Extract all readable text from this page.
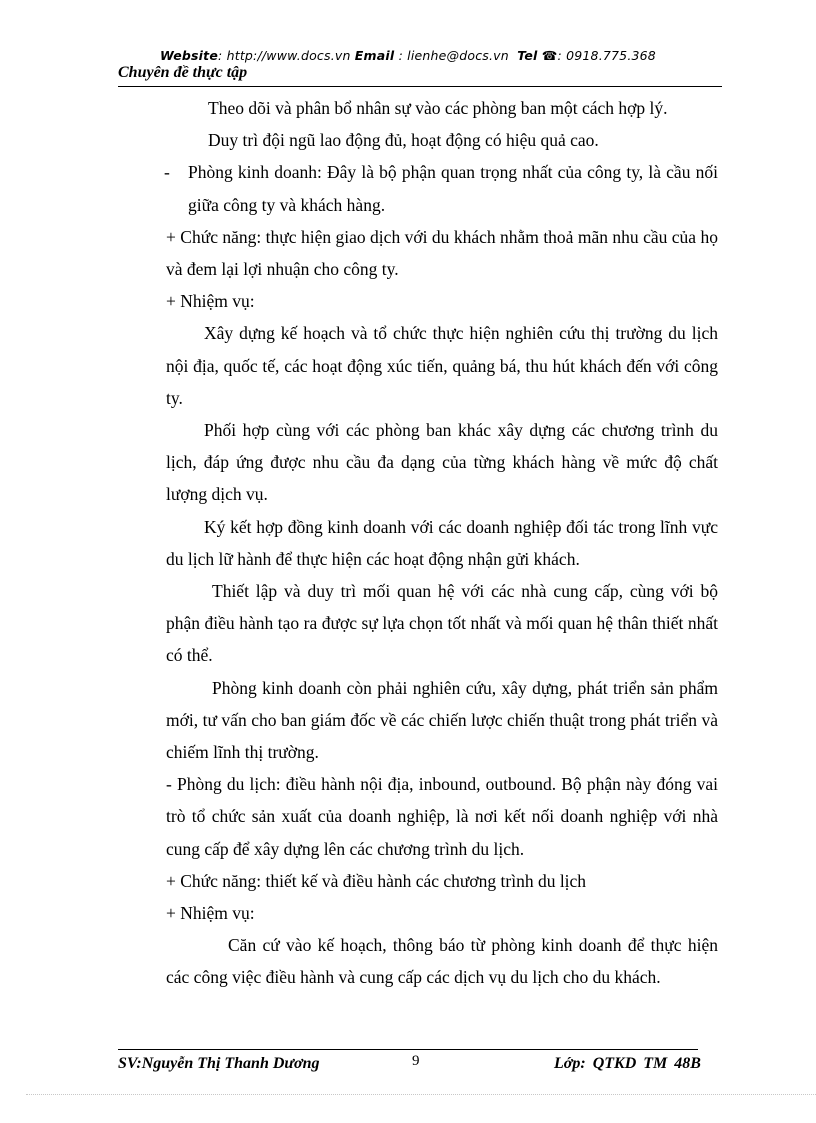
Website: http://www.docs.vn Email : lienhe@docs.vn Tel ☎: 0918.775.368
Chuyên đề thực tập

Theo dõi và phân bổ nhân sự vào các phòng ban một cách hợp lý.

Duy trì đội ngũ lao động đủ, hoạt động có hiệu quả cao.

- Phòng kinh doanh: Đây là bộ phận quan trọng nhất của công ty, là cầu nối giữa công ty và khách hàng.

+ Chức năng: thực hiện giao dịch với du khách nhằm thoả mãn nhu cầu của họ và đem lại lợi nhuận cho công ty.

+ Nhiệm vụ:

Xây dựng kế hoạch và tổ chức thực hiện nghiên cứu thị trường du lịch nội địa, quốc tế, các hoạt động xúc tiến, quảng bá, thu hút khách đến với công ty.

Phối hợp cùng với các phòng ban khác xây dựng các chương trình du lịch, đáp ứng được nhu cầu đa dạng của từng khách hàng về mức độ chất lượng dịch vụ.

Ký kết hợp đồng kinh doanh với các doanh nghiệp đối tác trong lĩnh vực du lịch lữ hành để thực hiện các hoạt động nhận gửi khách.

Thiết lập và duy trì mối quan hệ với các nhà cung cấp, cùng với bộ phận điều hành tạo ra được sự lựa chọn tốt nhất và mối quan hệ thân thiết nhất có thể.

Phòng kinh doanh còn phải nghiên cứu, xây dựng, phát triển sản phẩm mới, tư vấn cho ban giám đốc về các chiến lược chiến thuật trong phát triển và chiếm lĩnh thị trường.

- Phòng du lịch: điều hành nội địa, inbound, outbound. Bộ phận này đóng vai trò tổ chức sản xuất của doanh nghiệp, là nơi kết nối doanh nghiệp với nhà cung cấp để xây dựng lên các chương trình du lịch.

+ Chức năng: thiết kế và điều hành các chương trình du lịch

+ Nhiệm vụ:

Căn cứ vào kế hoạch, thông báo từ phòng kinh doanh để thực hiện các công việc điều hành và cung cấp các dịch vụ du lịch cho du khách.

SV:Nguyễn Thị Thanh Dương	9	Lớp: QTKD TM 48B
